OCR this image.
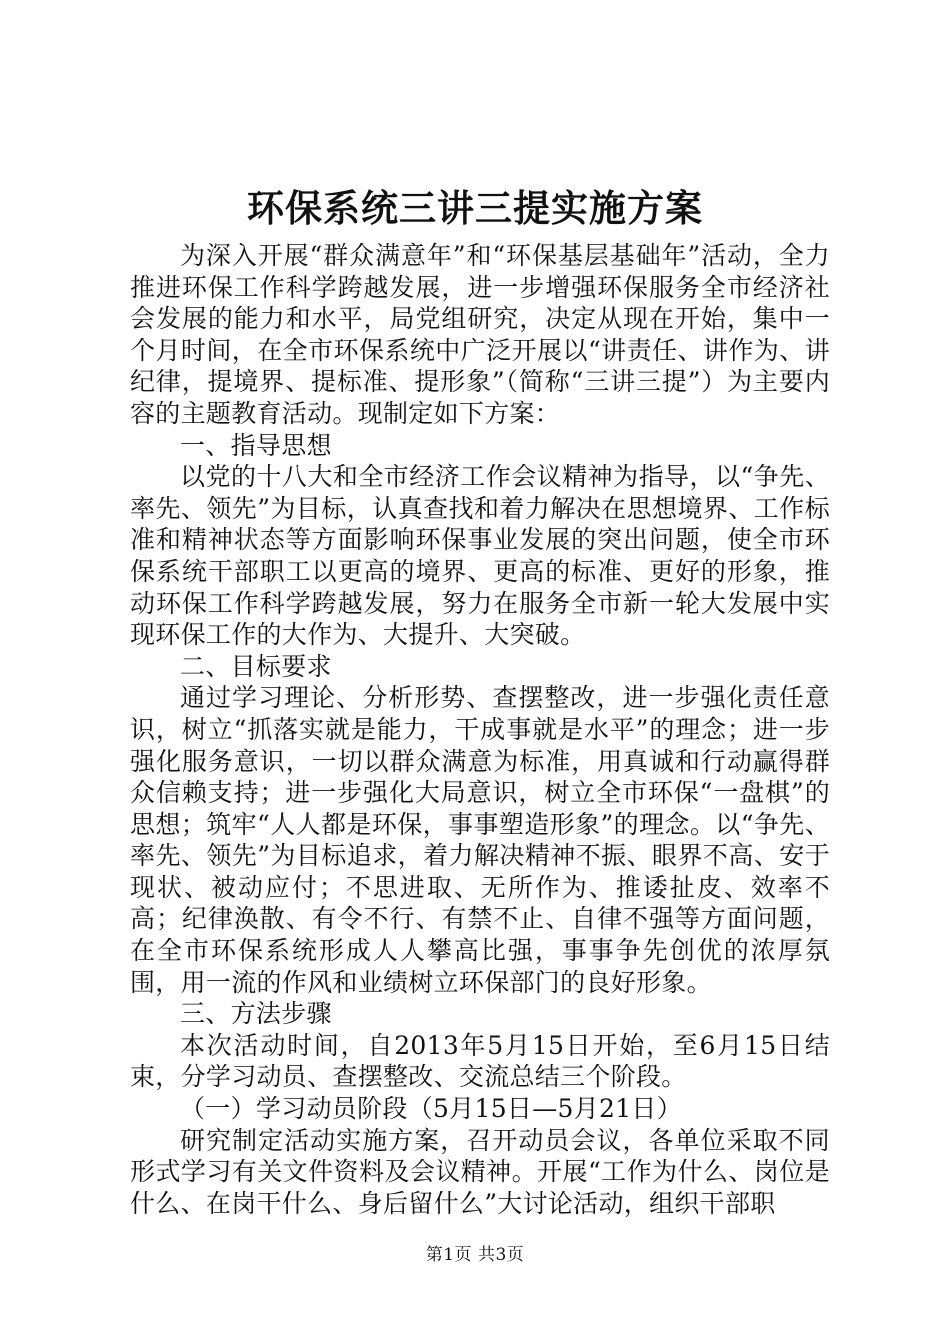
环保系统三讲三提实施方案

为深入开展“群众满意年”和“环保基层基础年”活动，全力推进环保工作科学跨越发展，进一步增强环保服务全市经济社会发展的能力和水平，局党组研究，决定从现在开始，集中一个月时间，在全市环保系统中广泛开展以“讲责任、讲作为、讲纪律，提境界、提标准、提形象”（简称“三讲三提”）为主要内容的主题教育活动。现制定如下方案：

一、指导思想

以党的十八大和全市经济工作会议精神为指导，以“争先、率先、领先”为目标，认真查找和着力解决在思想境界、工作标准和精神状态等方面影响环保事业发展的突出问题，使全市环保系统干部职工以更高的境界、更高的标准、更好的形象，推动环保工作科学跨越发展，努力在服务全市新一轮大发展中实现环保工作的大作为、大提升、大突破。

二、目标要求

通过学习理论、分析形势、查摆整改，进一步强化责任意识，树立“抓落实就是能力，干成事就是水平”的理念；进一步强化服务意识，一切以群众满意为标准，用真诚和行动赢得群众信赖支持；进一步强化大局意识，树立全市环保“一盘棋”的思想；筑牢“人人都是环保，事事塑造形象”的理念。以“争先、率先、领先”为目标追求，着力解决精神不振、眼界不高、安于现状、被动应付；不思进取、无所作为、推诿扯皮、效率不高；纪律涣散、有令不行、有禁不止、自律不强等方面问题，在全市环保系统形成人人攀高比强，事事争先创优的浓厚氛围，用一流的作风和业绩树立环保部门的良好形象。

三、方法步骤

本次活动时间，自2013年5月15日开始，至6月15日结束，分学习动员、查摆整改、交流总结三个阶段。

（一）学习动员阶段（5月15日—5月21日）

研究制定活动实施方案，召开动员会议，各单位采取不同形式学习有关文件资料及会议精神。开展“工作为什么、岗位是什么、在岗干什么、身后留什么”大讨论活动，组织干部职

第1页 共3页
